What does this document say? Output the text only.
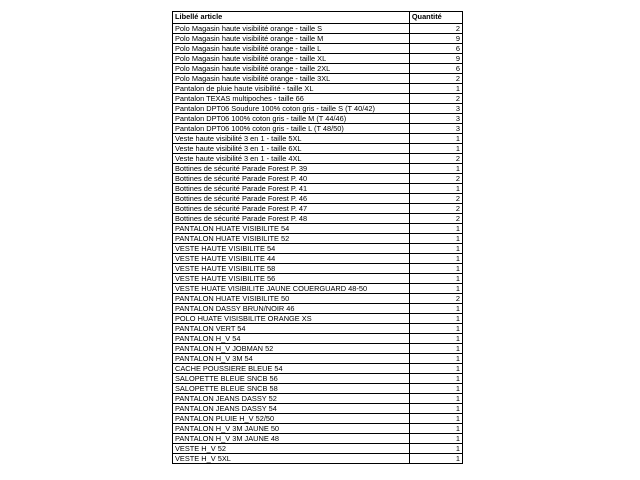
Libellé article	Quantité
Polo Magasin haute visibilité orange - taille S	2
Polo Magasin haute visibilité orange - taille M	9
Polo Magasin haute visibilité orange - taille L	6
Polo Magasin haute visibilité orange - taille XL	9
Polo Magasin haute visibilité orange - taille 2XL	6
Polo Magasin haute visibilité orange - taille 3XL	2
Pantalon de pluie haute visibilité - taille XL	1
Pantalon TEXAS multipoches - taille 66	2
Pantalon DPT06 Soudure 100% coton gris - taille S (T 40/42)	3
Pantalon DPT06 100% coton gris - taille M (T 44/46)	3
Pantalon DPT06 100% coton gris - taille L (T 48/50)	3
Veste haute visibilité 3 en 1 - taille 5XL	1
Veste haute visibilité 3 en 1 - taille 6XL	1
Veste haute visibilité 3 en 1 - taille 4XL	2
Bottines de sécurité Parade Forest P. 39	1
Bottines de sécurité Parade Forest P. 40	2
Bottines de sécurité Parade Forest P. 41	1
Bottines de sécurité Parade Forest P. 46	2
Bottines de sécurité Parade Forest P. 47	2
Bottines de sécurité Parade Forest P. 48	2
PANTALON HUATE VISIBILITE 54	1
PANTALON HUATE VISIBILITE 52	1
VESTE HAUTE VISIBILITE 54	1
VESTE HAUTE VISIBILITE 44	1
VESTE HAUTE VISIBILITE 58	1
VESTE HAUTE VISIBILITE 56	1
VESTE HUATE VISIBILITE JAUNE COUERGUARD 48-50	1
PANTALON HUATE VISIBILITE 50	2
PANTALON DASSY BRUN/NOIR 46	1
POLO HUATE VISISBILITE ORANGE XS	1
PANTALON VERT 54	1
PANTALON H_V 54	1
PANTALON H_V JOBMAN 52	1
PANTALON H_V 3M 54	1
CACHE POUSSIERE BLEUE 54	1
SALOPETTE BLEUE SNCB 56	1
SALOPETTE BLEUE SNCB 58	1
PANTALON JEANS DASSY 52	1
PANTALON JEANS DASSY 54	1
PANTALON PLUIE H_V 52/50	1
PANTALON H_V 3M JAUNE 50	1
PANTALON H_V 3M JAUNE 48	1
VESTE H_V 52	1
VESTE H_V 5XL	1
